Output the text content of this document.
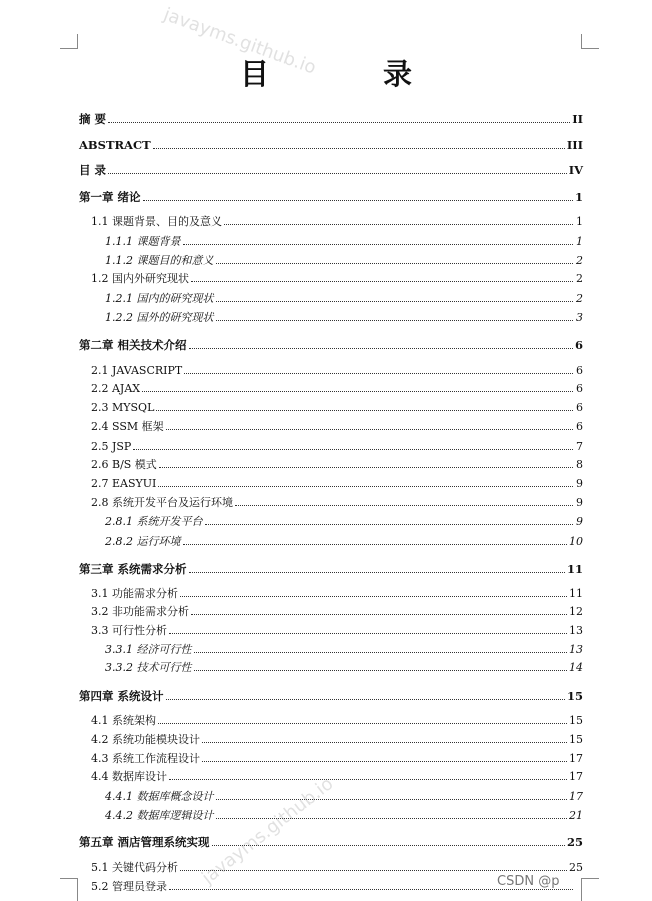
目 录
摘 要	II
ABSTRACT	III
目 录	IV
第一章 绪论	1
1.1 课题背景、目的及意义	1
1.1.1 课题背景	1
1.1.2 课题目的和意义	2
1.2 国内外研究现状	2
1.2.1 国内的研究现状	2
1.2.2 国外的研究现状	3
第二章 相关技术介绍	6
2.1 JAVASCRIPT	6
2.2 AJAX	6
2.3 MYSQL	6
2.4 SSM 框架	6
2.5 JSP	7
2.6 B/S 模式	8
2.7 EASYUI	9
2.8 系统开发平台及运行环境	9
2.8.1 系统开发平台	9
2.8.2 运行环境	10
第三章 系统需求分析	11
3.1 功能需求分析	11
3.2 非功能需求分析	12
3.3 可行性分析	13
3.3.1 经济可行性	13
3.3.2 技术可行性	14
第四章 系统设计	15
4.1 系统架构	15
4.2 系统功能模块设计	15
4.3 系统工作流程设计	17
4.4 数据库设计	17
4.4.1 数据库概念设计	17
4.4.2 数据库逻辑设计	21
第五章 酒店管理系统实现	25
5.1 关键代码分析	25
5.2 管理员登录
javayms.github.io
javayms.github.io	CSDN @p
